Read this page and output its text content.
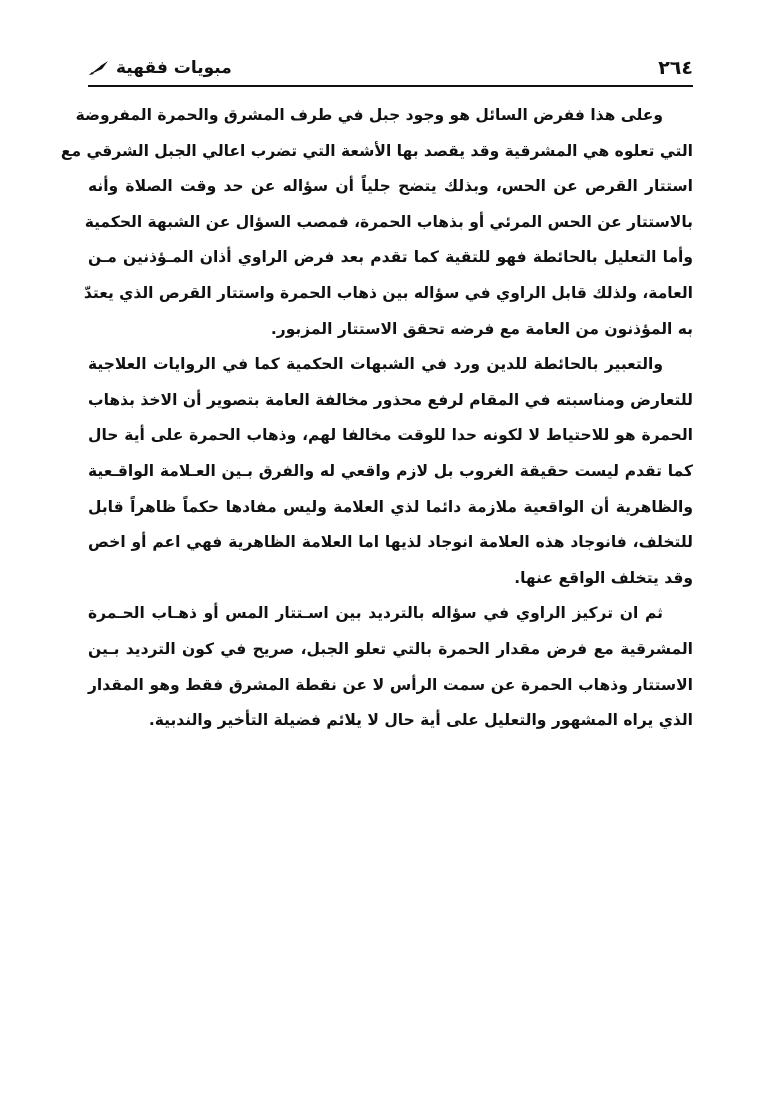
٢٦٤
مبويات فقهية

وعلى هذا ففرض السائل هو وجود جبل في طرف المشرق والحمرة المفروضة
التي تعلوه هي المشرقية وقد يقصد بها الأشعة التي تضرب اعالي الجبل الشرقي مع
استتار القرص عن الحس، وبذلك يتضح جلياً أن سؤاله عن حد وقت الصلاة وأنه
بالاستتار عن الحس المرئي أو بذهاب الحمرة، فمصب السؤال عن الشبهة الحكمية
وأما التعليل بالحائطة فهو للتقية كما تقدم بعد فرض الراوي أذان المـؤذنين مـن
العامة، ولذلك قابل الراوي في سؤاله بين ذهاب الحمرة واستتار القرص الذي يعتدّ
به المؤذنون من العامة مع فرضه تحقق الاستتار المزبور.

والتعبير بالحائطة للدين ورد في الشبهات الحكمية كما في الروايات العلاجية
للتعارض ومناسبته في المقام لرفع محذور مخالفة العامة بتصوير أن الاخذ بذهاب
الحمرة هو للاحتياط لا لكونه حدا للوقت مخالفا لهم، وذهاب الحمرة على أية حال
كما تقدم ليست حقيقة الغروب بل لازم واقعي له والفرق بـين العـلامة الواقـعية
والظاهرية أن الواقعية ملازمة دائما لذي العلامة وليس مفادها حكماً ظاهراً قابل
للتخلف، فانوجاد هذه العلامة انوجاد لذيها اما العلامة الظاهرية فهي اعم أو اخص
وقد يتخلف الواقع عنها.

ثم ان تركيز الراوي في سؤاله بالترديد بين اسـتتار المس أو ذهـاب الحـمرة
المشرقية مع فرض مقدار الحمرة بالتي تعلو الجبل، صريح في كون الترديد بـين
الاستتار وذهاب الحمرة عن سمت الرأس لا عن نقطة المشرق فقط وهو المقدار
الذي يراه المشهور والتعليل على أية حال لا يلائم فضيلة التأخير والندبية.
